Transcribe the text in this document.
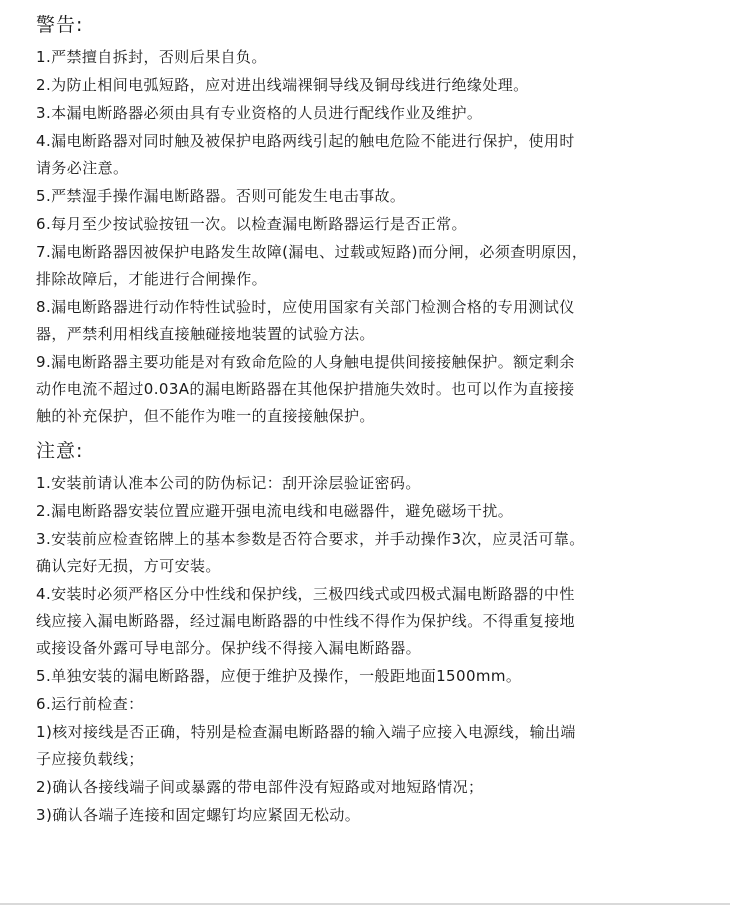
警告:
1.严禁擅自拆封，否则后果自负。
2.为防止相间电弧短路，应对进出线端裸铜导线及铜母线进行绝缘处理。
3.本漏电断路器必须由具有专业资格的人员进行配线作业及维护。
4.漏电断路器对同时触及被保护电路两线引起的触电危险不能进行保护，使用时
请务必注意。
5.严禁湿手操作漏电断路器。否则可能发生电击事故。
6.每月至少按试验按钮一次。以检查漏电断路器运行是否正常。
7.漏电断路器因被保护电路发生故障(漏电、过载或短路)而分闸，必须查明原因，
排除故障后，才能进行合闸操作。
8.漏电断路器进行动作特性试验时，应使用国家有关部门检测合格的专用测试仪
器，严禁利用相线直接触碰接地装置的试验方法。
9.漏电断路器主要功能是对有致命危险的人身触电提供间接接触保护。额定剩余
动作电流不超过0.03A的漏电断路器在其他保护措施失效时。也可以作为直接接
触的补充保护，但不能作为唯一的直接接触保护。
注意:
1.安装前请认准本公司的防伪标记：刮开涂层验证密码。
2.漏电断路器安装位置应避开强电流电线和电磁器件，避免磁场干扰。
3.安装前应检查铭牌上的基本参数是否符合要求，并手动操作3次，应灵活可靠。
确认完好无损，方可安装。
4.安装时必须严格区分中性线和保护线，三极四线式或四极式漏电断路器的中性
线应接入漏电断路器，经过漏电断路器的中性线不得作为保护线。不得重复接地
或接设备外露可导电部分。保护线不得接入漏电断路器。
5.单独安装的漏电断路器，应便于维护及操作，一般距地面1500mm。
6.运行前检查：
1)核对接线是否正确，特别是检查漏电断路器的输入端子应接入电源线，输出端
子应接负载线；
2)确认各接线端子间或暴露的带电部件没有短路或对地短路情况；
3)确认各端子连接和固定螺钉均应紧固无松动。
